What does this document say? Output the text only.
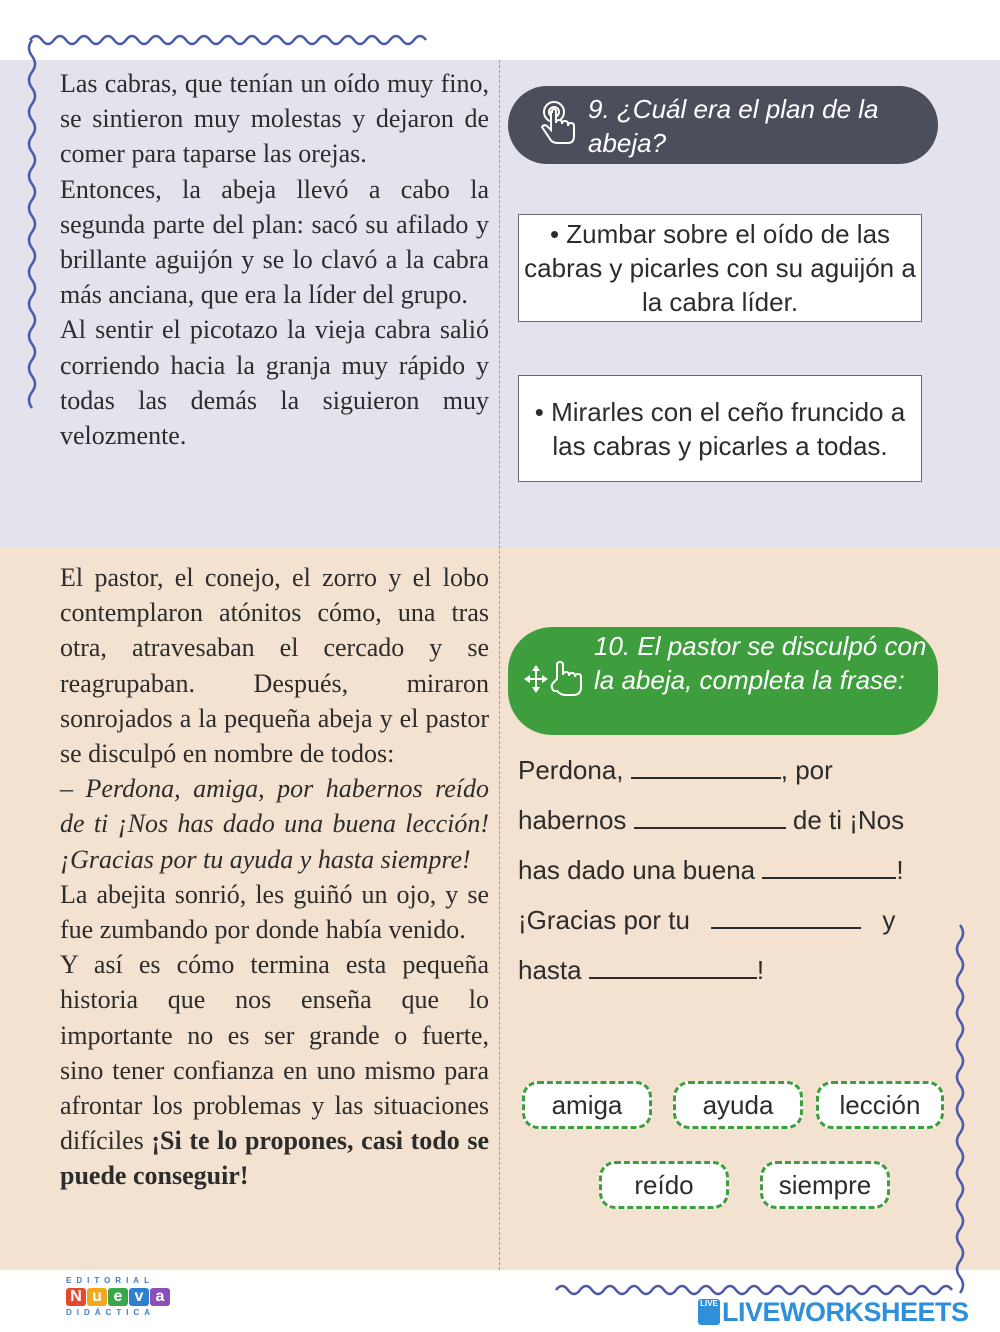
Las cabras, que tenían un oído muy fino, se sintieron muy molestas y dejaron de comer para taparse las orejas.

Entonces, la abeja llevó a cabo la segunda parte del plan: sacó su afilado y brillante aguijón y se lo clavó a la cabra más anciana, que era la líder del grupo.

Al sentir el picotazo la vieja cabra salió corriendo hacia la granja muy rápido y todas las demás la siguieron muy velozmente.

El pastor, el conejo, el zorro y el lobo contemplaron atónitos cómo, una tras otra, atravesaban el cercado y se reagrupaban. Después, miraron sonrojados a la pequeña abeja y el pastor se disculpó en nombre de todos:

– Perdona, amiga, por habernos reído de ti ¡Nos has dado una buena lección! ¡Gracias por tu ayuda y hasta siempre!

La abejita sonrió, les guiñó un ojo, y se fue zumbando por donde había venido.

Y así es cómo termina esta pequeña historia que nos enseña que lo importante no es ser grande o fuerte, sino tener confianza en uno mismo para afrontar los problemas y las situaciones difíciles ¡Si te lo propones, casi todo se puede conseguir!

9. ¿Cuál era el plan de la abeja?
• Zumbar sobre el oído de las cabras y picarles con su aguijón a la cabra líder.
• Mirarles con el ceño fruncido a las cabras y picarles a todas.
10. El pastor se disculpó con la abeja, completa la frase:
Perdona,	, por
habernos	de ti ¡Nos
has dado una buena	!
¡Gracias por tu	y
hasta	!
amiga	ayuda	lección
reído	siempre
EDITORIAL
N u e v a
DIDÁCTICA
LIVE LIVEWORKSHEETS
